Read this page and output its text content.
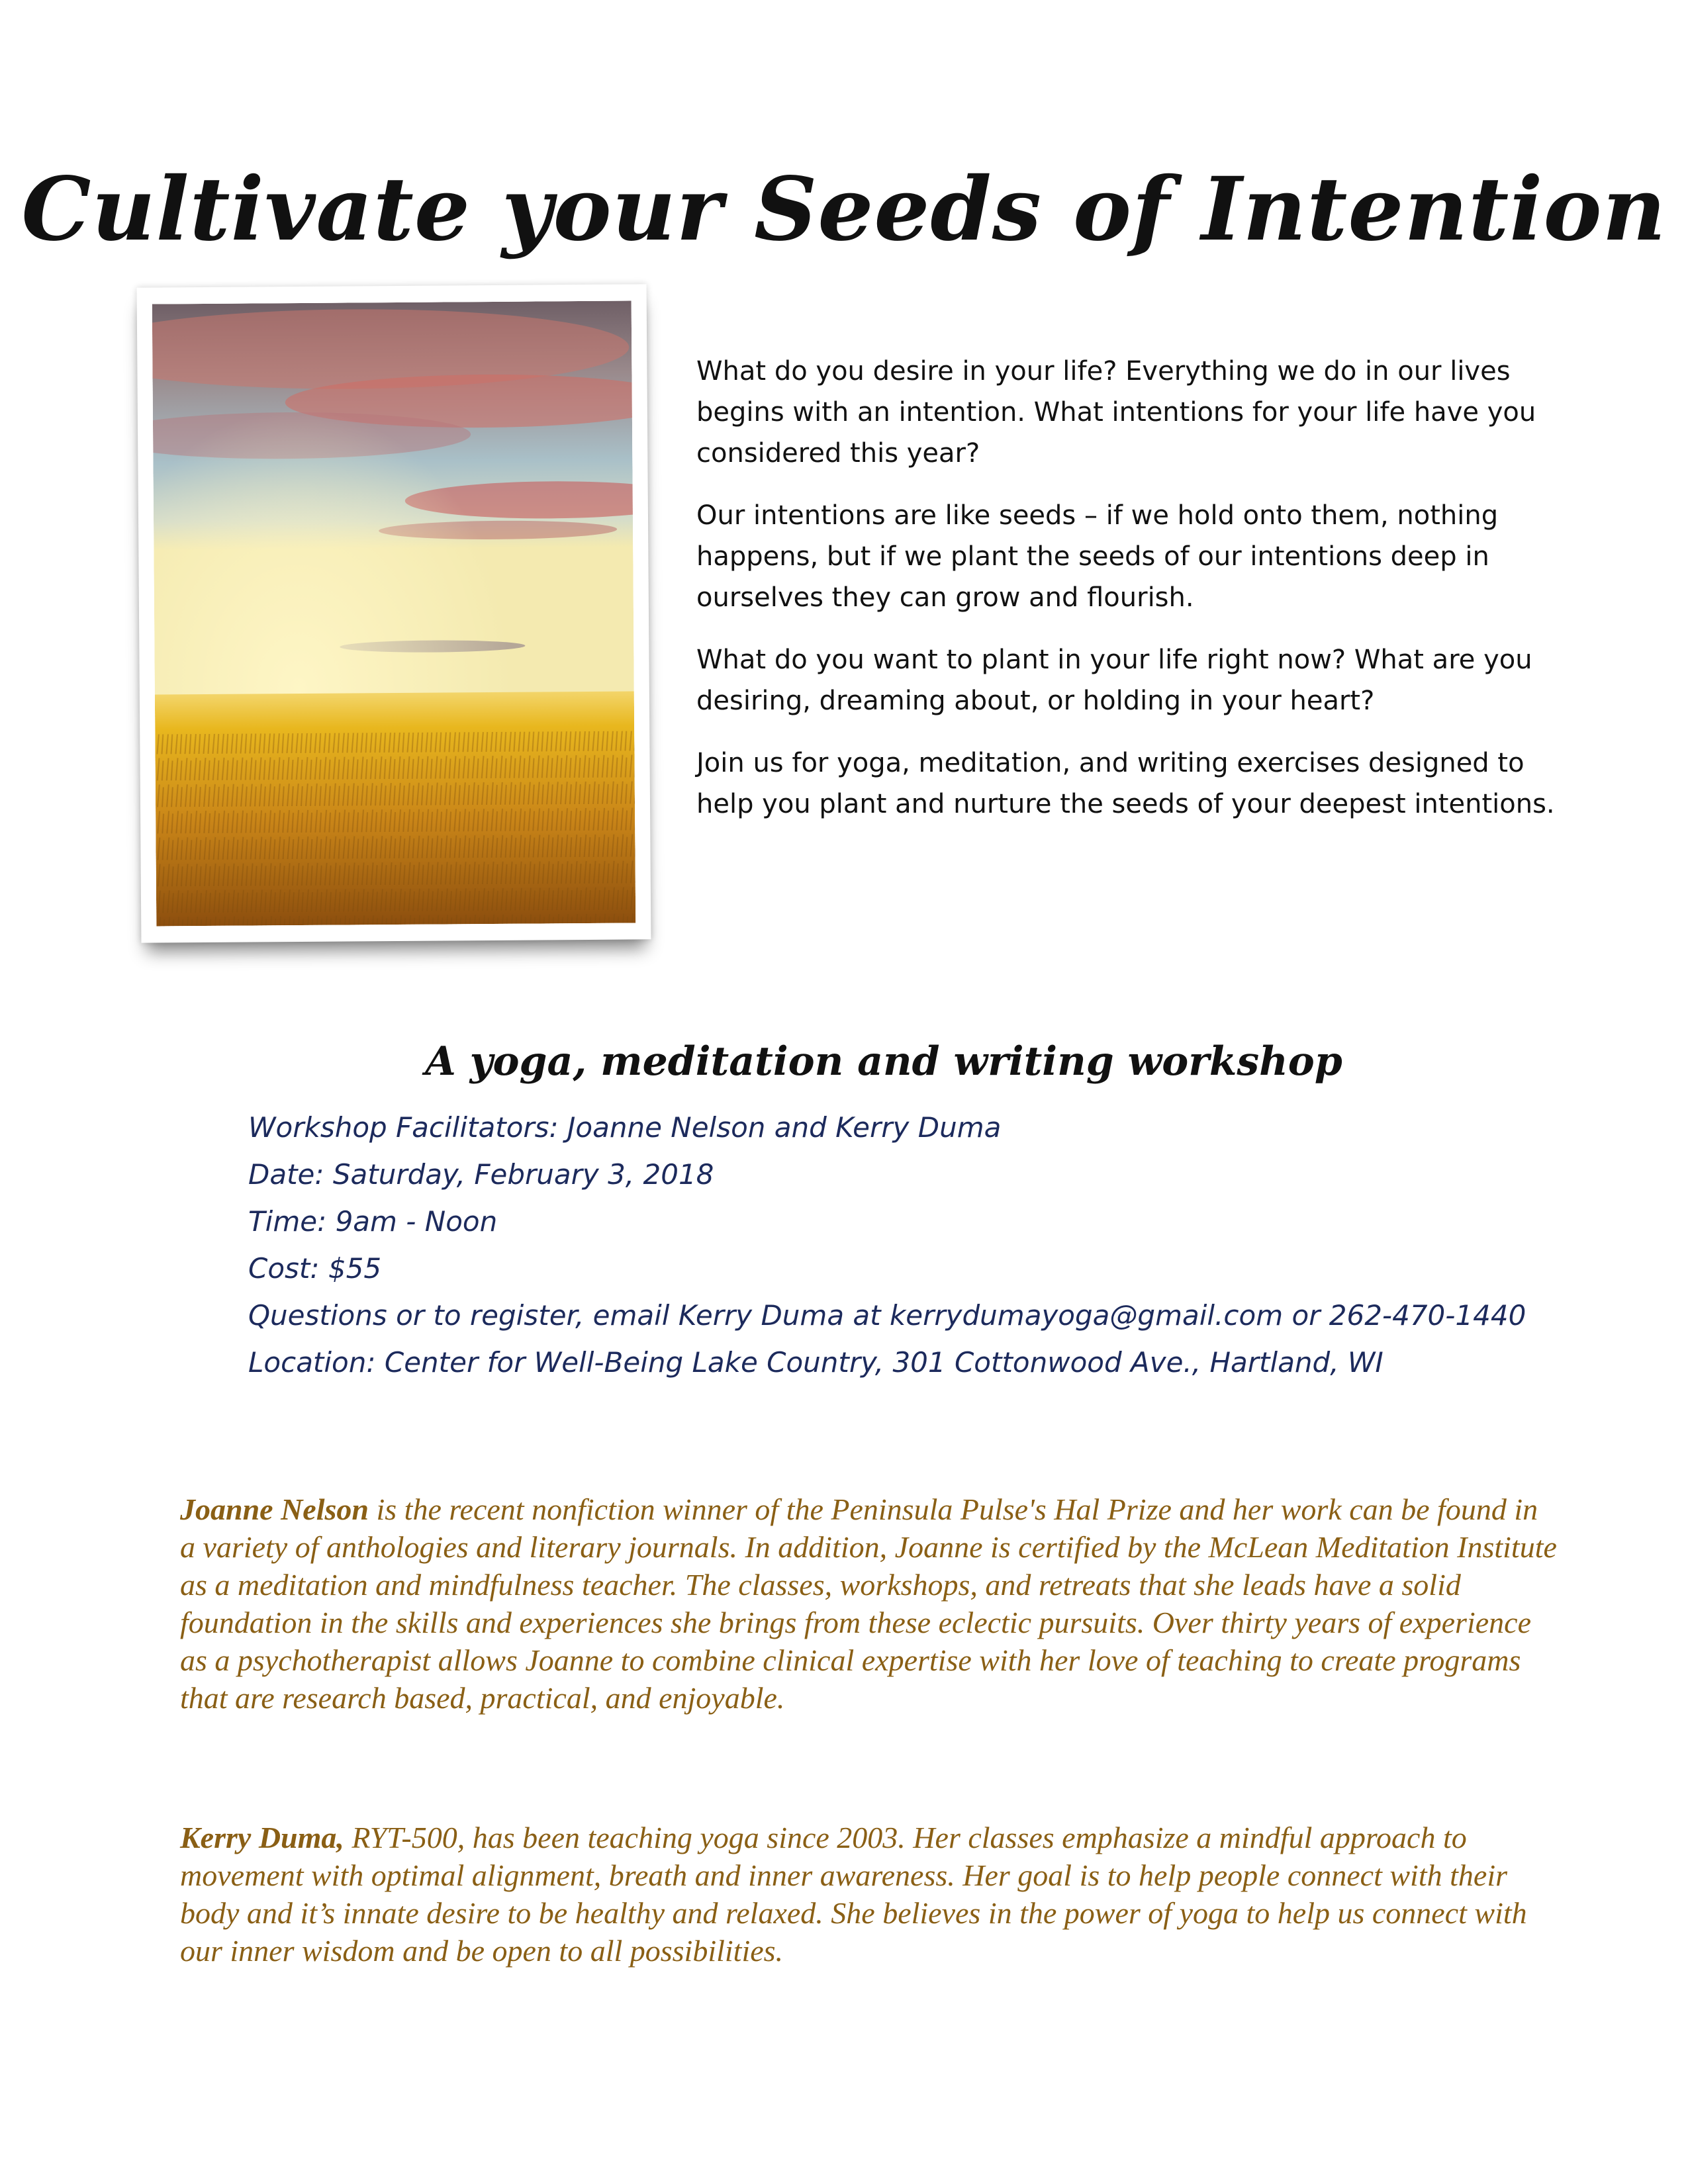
Cultivate your Seeds of Intention

What do you desire in your life? Everything we do in our lives begins with an intention. What intentions for your life have you considered this year?

Our intentions are like seeds – if we hold onto them, nothing happens, but if we plant the seeds of our intentions deep in ourselves they can grow and flourish.

What do you want to plant in your life right now? What are you desiring, dreaming about, or holding in your heart?

Join us for yoga, meditation, and writing exercises designed to help you plant and nurture the seeds of your deepest intentions.

A yoga, meditation and writing workshop
Workshop Facilitators: Joanne Nelson and Kerry Duma
Date: Saturday, February 3, 2018
Time: 9am - Noon
Cost: $55
Questions or to register, email Kerry Duma at kerrydumayoga@gmail.com or 262-470-1440
Location: Center for Well-Being Lake Country, 301 Cottonwood Ave., Hartland, WI
Joanne Nelson is the recent nonfiction winner of the Peninsula Pulse's Hal Prize and her work can be found in a variety of anthologies and literary journals. In addition, Joanne is certified by the McLean Meditation Institute as a meditation and mindfulness teacher. The classes, workshops, and retreats that she leads have a solid foundation in the skills and experiences she brings from these eclectic pursuits. Over thirty years of experience as a psychotherapist allows Joanne to combine clinical expertise with her love of teaching to create programs that are research based, practical, and enjoyable.
Kerry Duma, RYT-500, has been teaching yoga since 2003. Her classes emphasize a mindful approach to movement with optimal alignment, breath and inner awareness. Her goal is to help people connect with their body and it’s innate desire to be healthy and relaxed. She believes in the power of yoga to help us connect with our inner wisdom and be open to all possibilities.
